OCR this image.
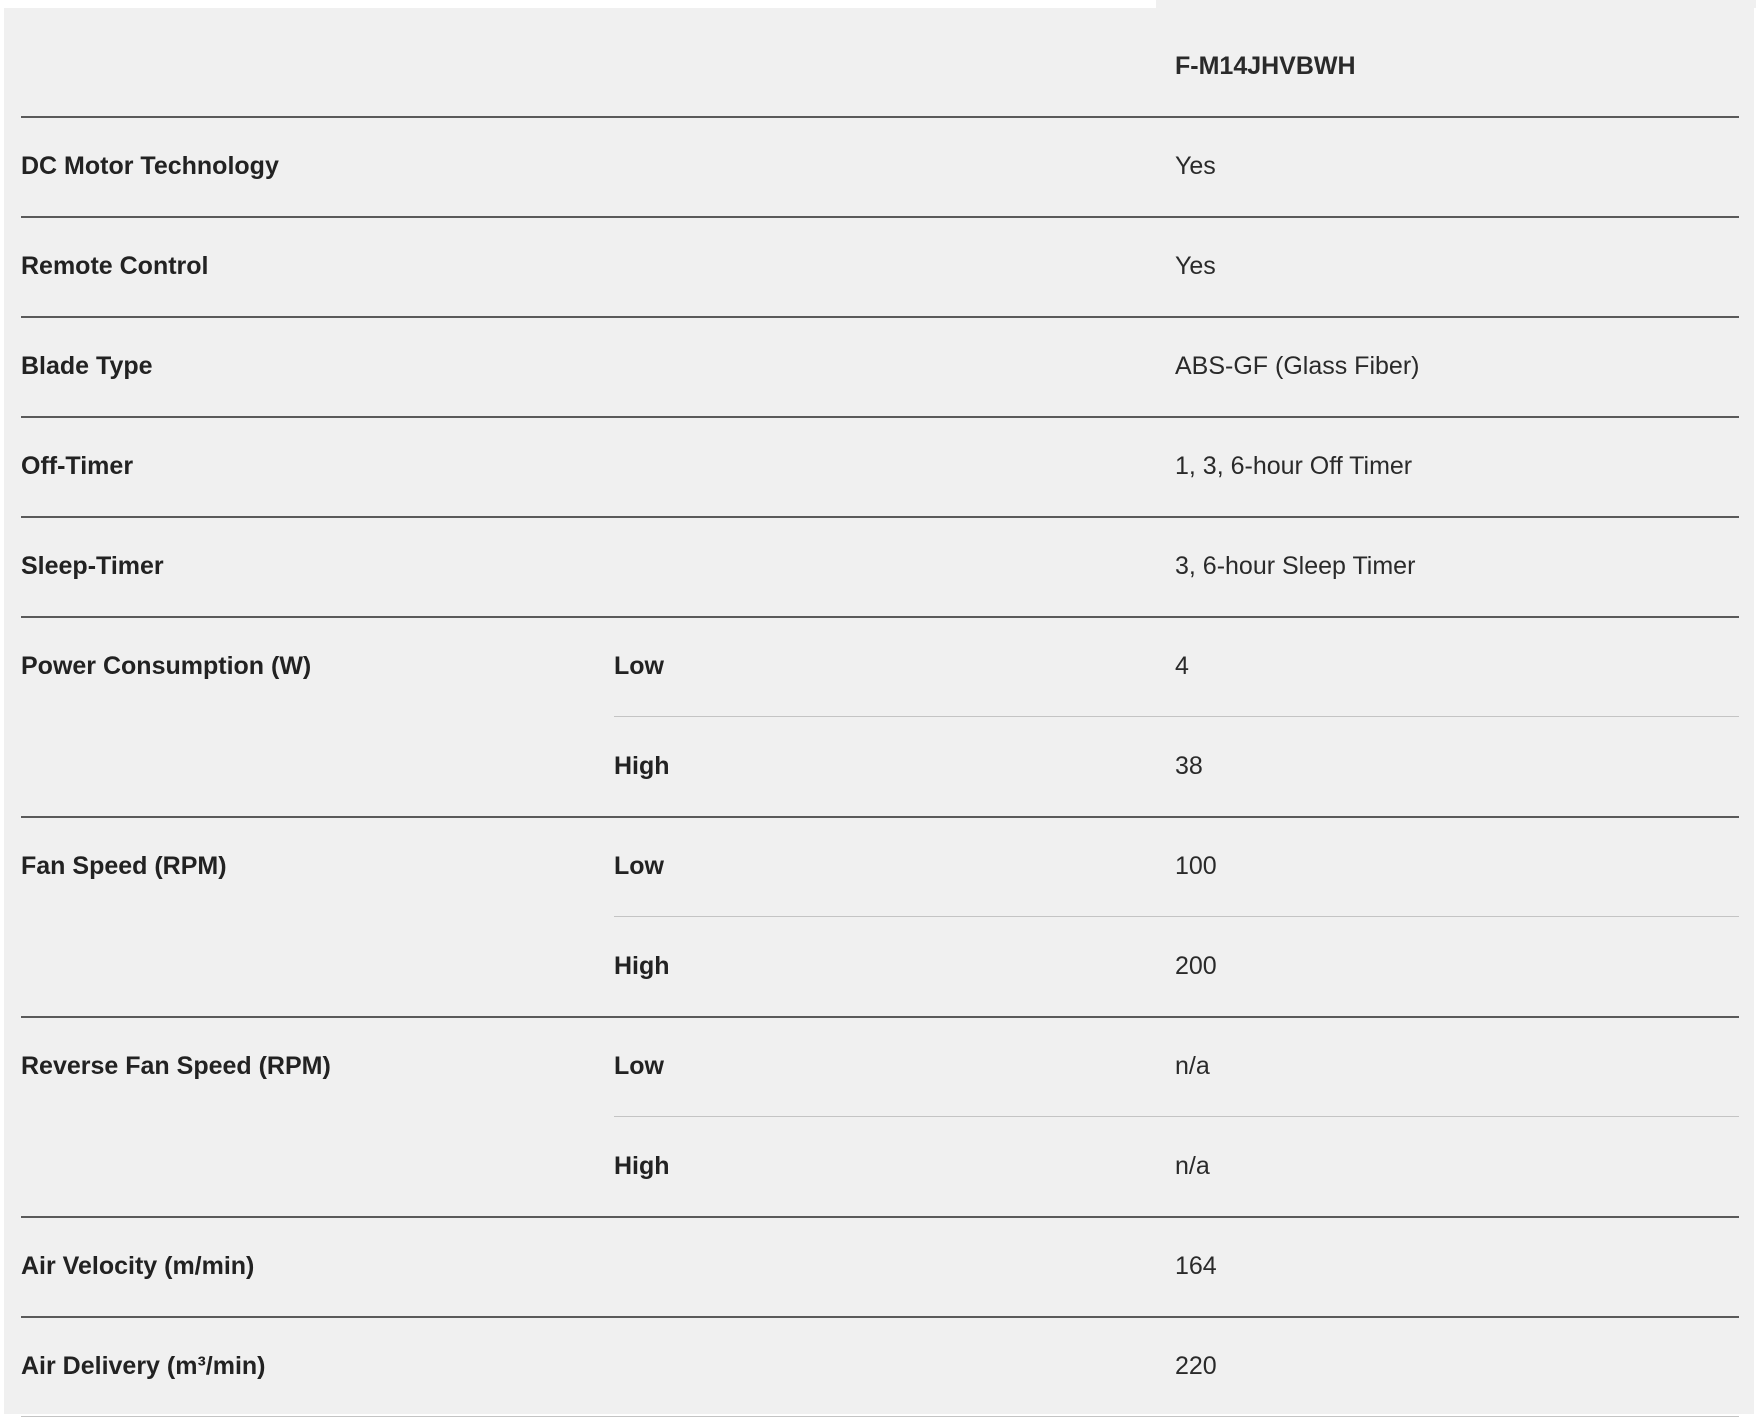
F-M14JHVBWH
DC Motor Technology	Yes
Remote Control	Yes
Blade Type	ABS-GF (Glass Fiber)
Off-Timer	1, 3, 6-hour Off Timer
Sleep-Timer	3, 6-hour Sleep Timer
Power Consumption (W)	Low	4
High	38
Fan Speed (RPM)	Low	100
High	200
Reverse Fan Speed (RPM)	Low	n/a
High	n/a
Air Velocity (m/min)	164
Air Delivery (m³/min)	220
